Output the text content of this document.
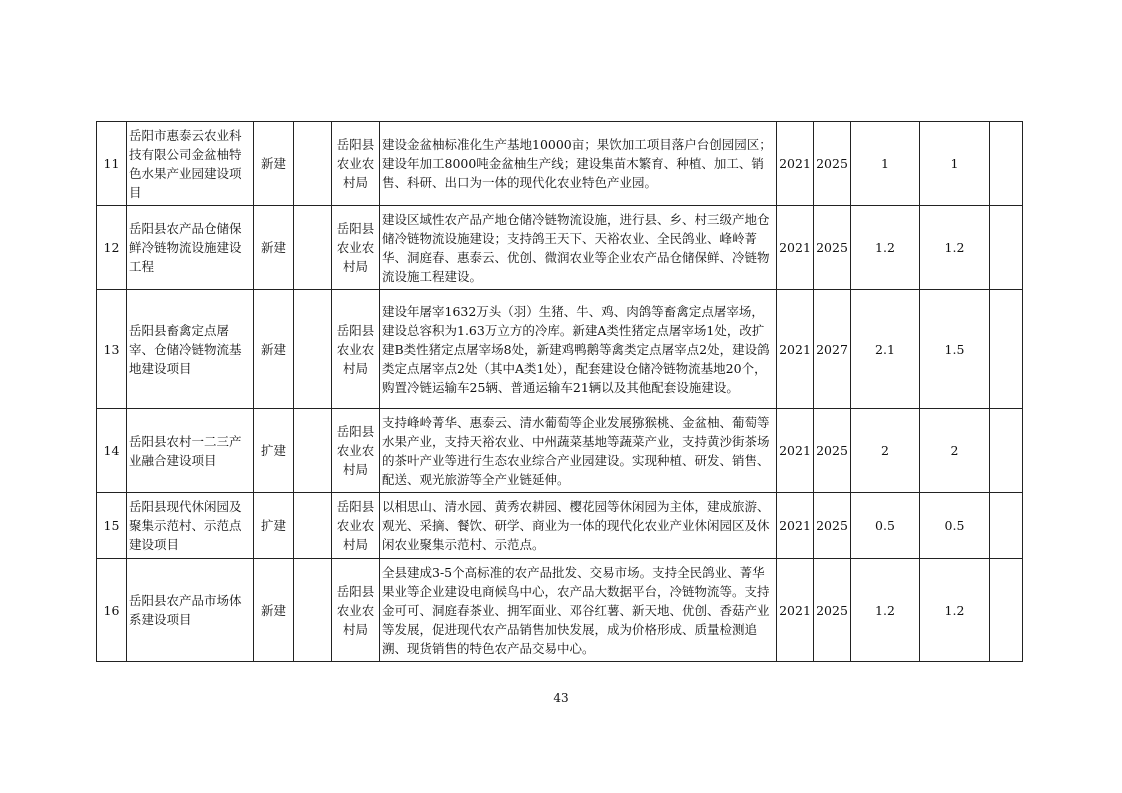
11	岳阳市惠泰云农业科技有限公司金盆柚特色水果产业园建设项目	新建		岳阳县农业农村局	建设金盆柚标准化生产基地10000亩；果饮加工项目落户台创园园区；建设年加工8000吨金盆柚生产线；建设集苗木繁育、种植、加工、销售、科研、出口为一体的现代化农业特色产业园。	2021	2025	1	1	
12	岳阳县农产品仓储保鲜冷链物流设施建设工程	新建		岳阳县农业农村局	建设区域性农产品产地仓储冷链物流设施，进行县、乡、村三级产地仓储冷链物流设施建设；支持鸽王天下、天裕农业、全民鸽业、峰岭菁华、洞庭春、惠泰云、优创、微润农业等企业农产品仓储保鲜、冷链物流设施工程建设。	2021	2025	1.2	1.2	
13	岳阳县畜禽定点屠宰、仓储冷链物流基地建设项目	新建		岳阳县农业农村局	建设年屠宰1632万头（羽）生猪、牛、鸡、肉鸽等畜禽定点屠宰场，建设总容积为1.63万立方的冷库。新建A类性猪定点屠宰场1处，改扩建B类性猪定点屠宰场8处，新建鸡鸭鹅等禽类定点屠宰点2处，建设鸽类定点屠宰点2处（其中A类1处），配套建设仓储冷链物流基地20个，购置冷链运输车25辆、普通运输车21辆以及其他配套设施建设。	2021	2027	2.1	1.5	
14	岳阳县农村一二三产业融合建设项目	扩建		岳阳县农业农村局	支持峰岭菁华、惠泰云、清水葡萄等企业发展猕猴桃、金盆柚、葡萄等水果产业，支持天裕农业、中州蔬菜基地等蔬菜产业，支持黄沙街茶场的茶叶产业等进行生态农业综合产业园建设。实现种植、研发、销售、配送、观光旅游等全产业链延伸。	2021	2025	2	2	
15	岳阳县现代休闲园及聚集示范村、示范点建设项目	扩建		岳阳县农业农村局	以相思山、清水园、黄秀农耕园、樱花园等休闲园为主体，建成旅游、观光、采摘、餐饮、研学、商业为一体的现代化农业产业休闲园区及休闲农业聚集示范村、示范点。	2021	2025	0.5	0.5	
16	岳阳县农产品市场体系建设项目	新建		岳阳县农业农村局	全县建成3-5个高标准的农产品批发、交易市场。支持全民鸽业、菁华果业等企业建设电商候鸟中心，农产品大数据平台，冷链物流等。支持金可可、洞庭春茶业、拥军面业、邓谷红薯、新天地、优创、香菇产业等发展，促进现代农产品销售加快发展，成为价格形成、质量检测追溯、现货销售的特色农产品交易中心。	2021	2025	1.2	1.2	
43
